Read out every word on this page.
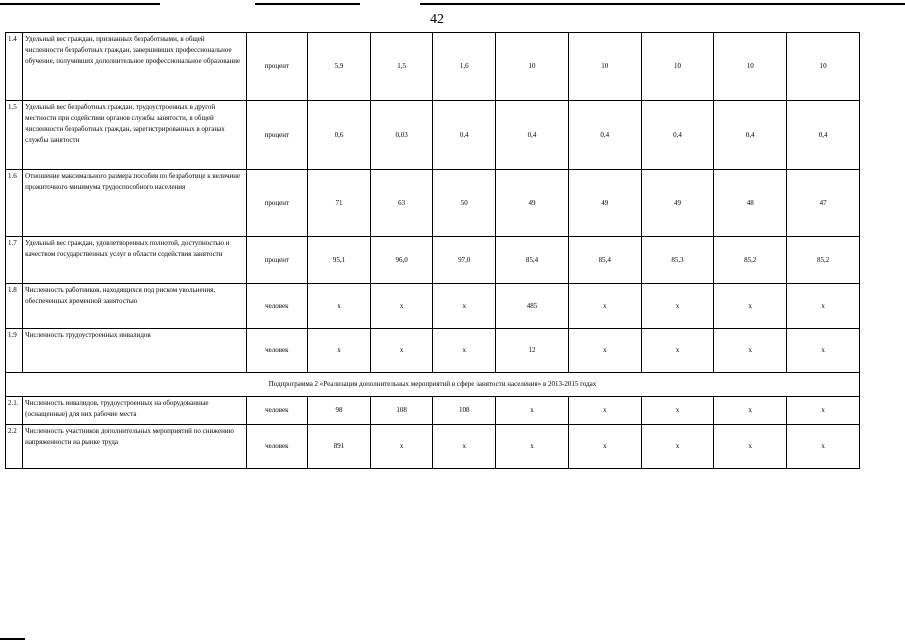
42
1.4	Удельный вес граждан, признанных безработными, в общей численности безработных граждан, завершивших профессиональное обучение, получивших дополнительное профессиональное образование	процент	5,9	1,5	1,6	10	10	10	10	10
1.5	Удельный вес безработных граждан, трудоустроенных в другой местности при содействии органов службы занятости, в общей численности безработных граждан, зарегистрированных в органах службы занятости	процент	0,6	0,03	0,4	0,4	0,4	0,4	0,4	0,4
1.6	Отношение максимального размера пособия по безработице к величине прожиточного минимума трудоспособного населения	процент	71	63	50	49	49	49	48	47
1.7	Удельный вес граждан, удовлетворенных полнотой, доступностью и качеством государственных услуг в области содействия занятости	процент	95,1	96,0	97,0	85,4	85,4	85,3	85,2	85,2
1.8	Численность работников, находящихся под риском увольнения, обеспеченных временной занятостью	человек	x	x	x	485	x	x	x	x
1.9	Численность трудоустроенных инвалидов	человек	x	x	x	12	x	x	x	x
Подпрограмма 2 «Реализация дополнительных мероприятий в сфере занятости населения» в 2013-2015 годах										
2.1.	Численность инвалидов, трудоустроенных на оборудованные (оснащенные) для них рабочие места	человек	98	108	108	x	x	x	x	x
2.2	Численность участников дополнительных мероприятий по снижению напряженности на рынке труда	человек	891	x	x	x	x	x	x	x
